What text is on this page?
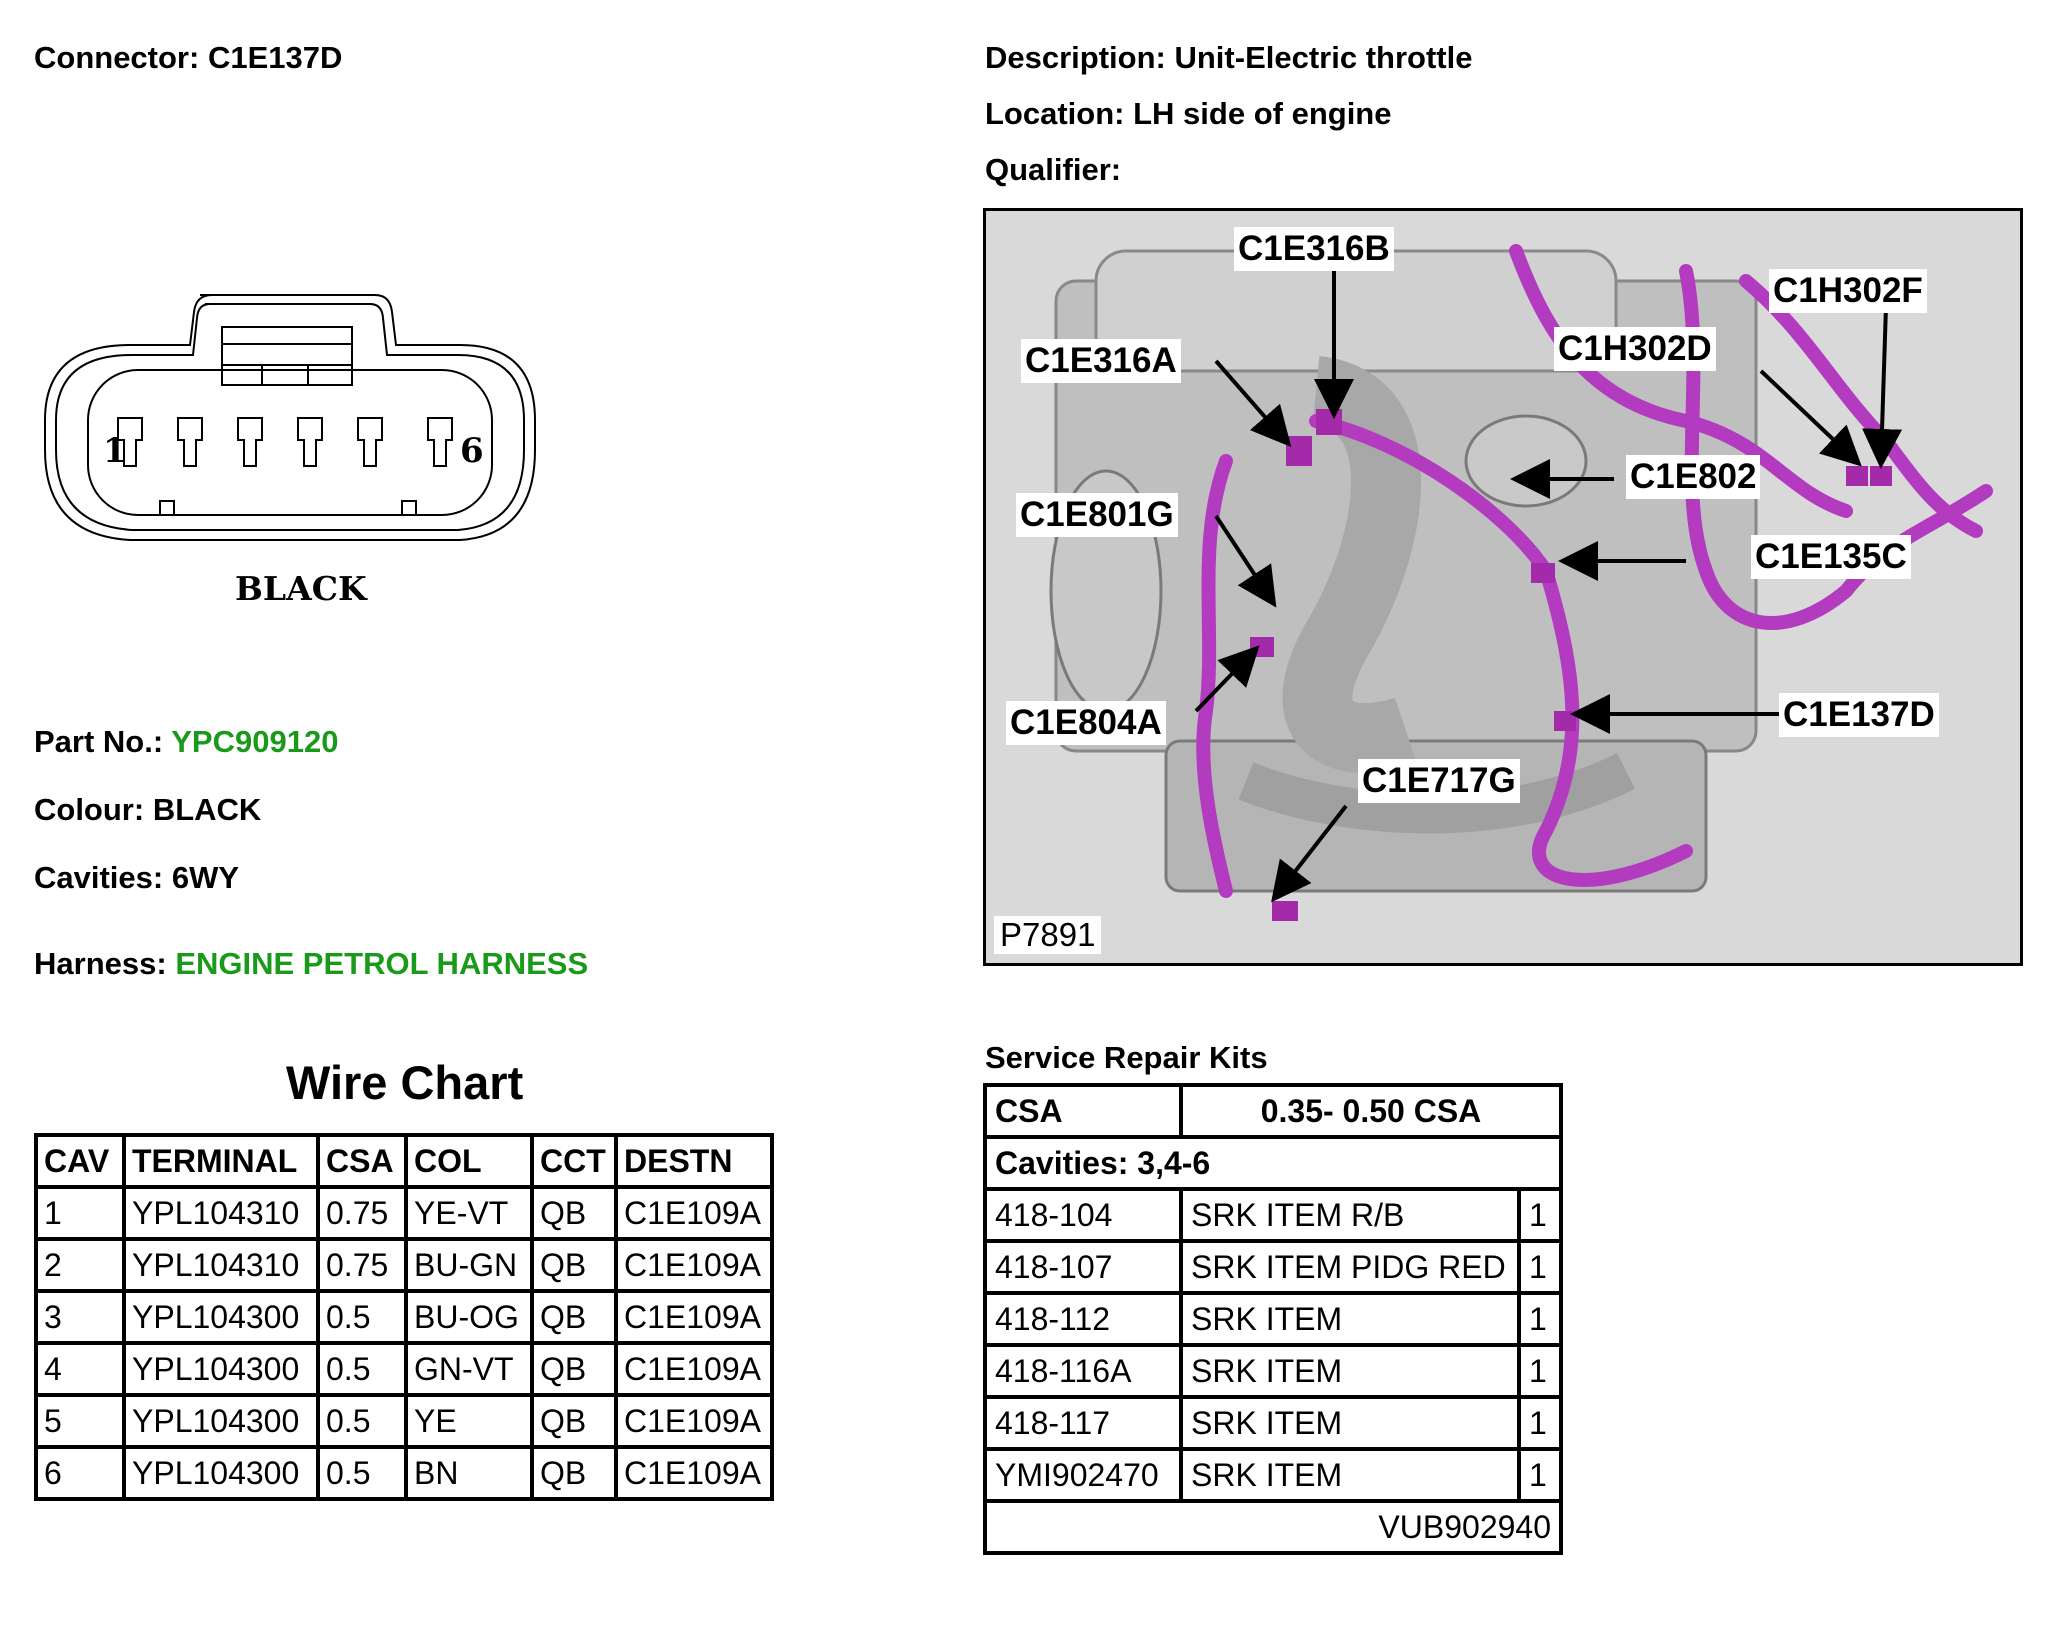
Connector: C1E137D	Description: Unit-Electric throttle
Location: LH side of engine
Qualifier:
1	6
BLACK
Part No.: YPC909120
Colour: BLACK
Cavities: 6WY
Harness: ENGINE PETROL HARNESS
Wire Chart
CAV	TERMINAL	CSA	COL	CCT	DESTN
1	YPL104310	0.75	YE-VT	QB	C1E109A
2	YPL104310	0.75	BU-GN	QB	C1E109A
3	YPL104300	0.5	BU-OG	QB	C1E109A
4	YPL104300	0.5	GN-VT	QB	C1E109A
5	YPL104300	0.5	YE	QB	C1E109A
6	YPL104300	0.5	BN	QB	C1E109A
C1E316B
C1H302F
C1H302D
C1E316A
C1E802
C1E801G
C1E135C
C1E137D
C1E804A
C1E717G
P7891
Service Repair Kits
CSA	0.35- 0.50 CSA	
Cavities: 3,4-6		
418-104	SRK ITEM R/B	1
418-107	SRK ITEM PIDG RED	1
418-112	SRK ITEM	1
418-116A	SRK ITEM	1
418-117	SRK ITEM	1
YMI902470	SRK ITEM	1
VUB902940		
